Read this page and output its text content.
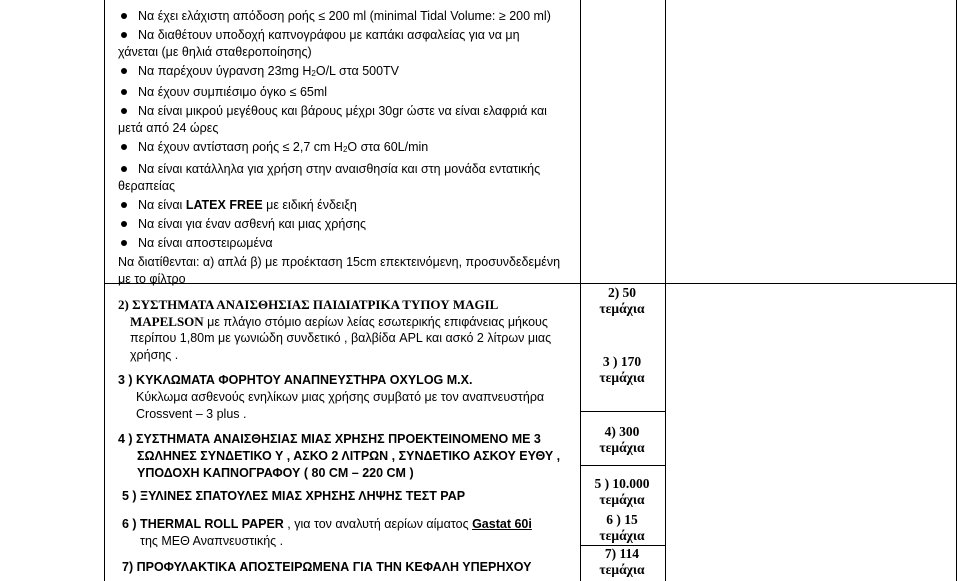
Να έχει ελάχιστη απόδοση ροής ≤ 200 ml (minimal Tidal Volume: ≥ 200 ml)
Να διαθέτουν υποδοχή καπνογράφου με καπάκι ασφαλείας για να μη
χάνεται (με θηλιά σταθεροποίησης)
Να παρέχουν ύγρανση 23mg $H_2O/L$ στα 500TV
Να έχουν συμπιέσιμο όγκο ≤ 65ml
Να είναι μικρού μεγέθους και βάρους μέχρι 30gr ώστε να είναι ελαφριά και
μετά από 24 ώρες
Να έχουν αντίσταση ροής ≤ 2,7 cm $H_2O$ στα 60L/min
Να είναι κατάλληλα για χρήση στην αναισθησία και στη μονάδα εντατικής
θεραπείας
Να είναι LATEX FREE με ειδική ένδειξη
Να είναι για έναν ασθενή και μιας χρήσης
Να είναι αποστειρωμένα
Να διατίθενται: α) απλά β) με προέκταση 15cm επεκτεινόμενη, προσυνδεδεμένη
με το φίλτρο
2) ΣΥΣΤΗΜΑΤΑ ΑΝΑΙΣΘΗΣΙΑΣ ΠΑΙΔΙΑΤΡΙΚΑ ΤΥΠΟΥ MAGIL
MAPELSON με πλάγιο στόμιο αερίων λείας εσωτερικής επιφάνειας μήκους
περίπου 1,80m με γωνιώδη συνδετικό , βαλβίδα APL και ασκό 2 λίτρων μιας
χρήσης .
3 ) ΚΥΚΛΩΜΑΤΑ ΦΟΡΗΤΟΥ ΑΝΑΠΝΕΥΣΤΗΡΑ OXYLOG M.X.
Κύκλωμα ασθενούς ενηλίκων μιας χρήσης συμβατό με τον αναπνευστήρα
Crossvent – 3 plus .
4 ) ΣΥΣΤΗΜΑΤΑ ΑΝΑΙΣΘΗΣΙΑΣ ΜΙΑΣ ΧΡΗΣΗΣ ΠΡΟΕΚΤΕΙΝΟΜΕΝΟ ΜΕ 3
ΣΩΛΗΝΕΣ ΣΥΝΔΕΤΙΚΟ Υ , ΑΣΚΟ 2 ΛΙΤΡΩΝ , ΣΥΝΔΕΤΙΚΟ ΑΣΚΟΥ ΕΥΘΥ ,
ΥΠΟΔΟΧΗ ΚΑΠΝΟΓΡΑΦΟΥ ( 80 CM – 220 CM )
5 ) ΞΥΛΙΝΕΣ ΣΠΑΤΟΥΛΕΣ ΜΙΑΣ ΧΡΗΣΗΣ ΛΗΨΗΣ ΤΕΣΤ PAP
6 ) THERMAL ROLL PAPER , για τον αναλυτή αερίων αίματος Gastat 60i
της ΜΕΘ Αναπνευστικής .
7) ΠΡΟΦΥΛΑΚΤΙΚΑ ΑΠΟΣΤΕΙΡΩΜΕΝΑ ΓΙΑ ΤΗΝ ΚΕΦΑΛΗ ΥΠΕΡΗΧΟΥ
2) 50
τεμάχια
3 ) 170
τεμάχια
4) 300
τεμάχια
5 ) 10.000
τεμάχια
6 ) 15
τεμάχια
7) 114
τεμάχια
